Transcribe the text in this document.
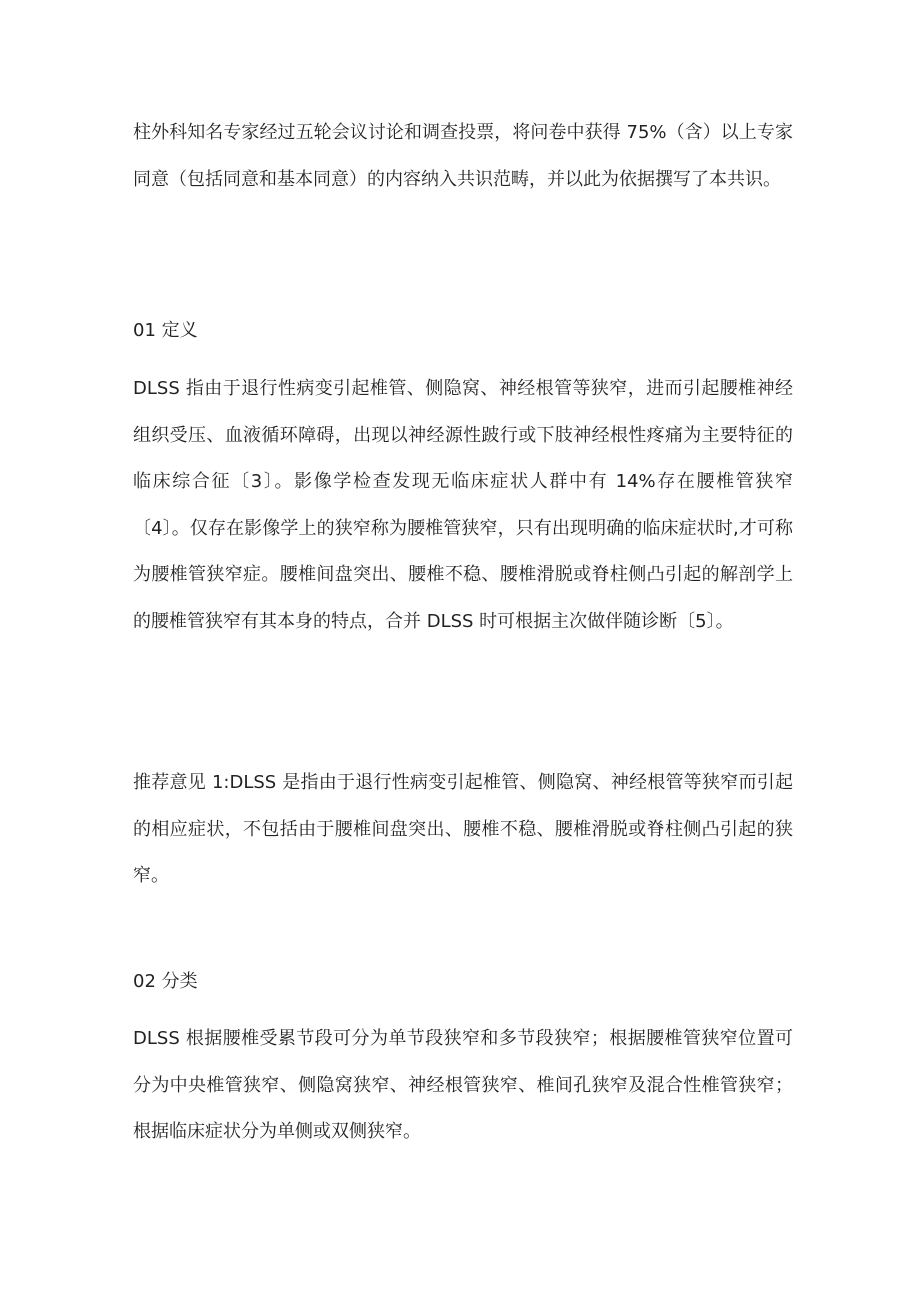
柱外科知名专家经过五轮会议讨论和调查投票，将问卷中获得 75%（含）以上专家同意（包括同意和基本同意）的内容纳入共识范畴，并以此为依据撰写了本共识。

01 定义

DLSS 指由于退行性病变引起椎管、侧隐窝、神经根管等狭窄，进而引起腰椎神经组织受压、血液循环障碍，出现以神经源性跛行或下肢神经根性疼痛为主要特征的临床综合征〔3〕。影像学检查发现无临床症状人群中有 14%存在腰椎管狭窄〔4〕。仅存在影像学上的狭窄称为腰椎管狭窄，只有出现明确的临床症状时,才可称为腰椎管狭窄症。腰椎间盘突出、腰椎不稳、腰椎滑脱或脊柱侧凸引起的解剖学上的腰椎管狭窄有其本身的特点，合并 DLSS 时可根据主次做伴随诊断〔5〕。

推荐意见 1:DLSS 是指由于退行性病变引起椎管、侧隐窝、神经根管等狭窄而引起的相应症状，不包括由于腰椎间盘突出、腰椎不稳、腰椎滑脱或脊柱侧凸引起的狭窄。

02 分类

DLSS 根据腰椎受累节段可分为单节段狭窄和多节段狭窄；根据腰椎管狭窄位置可分为中央椎管狭窄、侧隐窝狭窄、神经根管狭窄、椎间孔狭窄及混合性椎管狭窄；根据临床症状分为单侧或双侧狭窄。
